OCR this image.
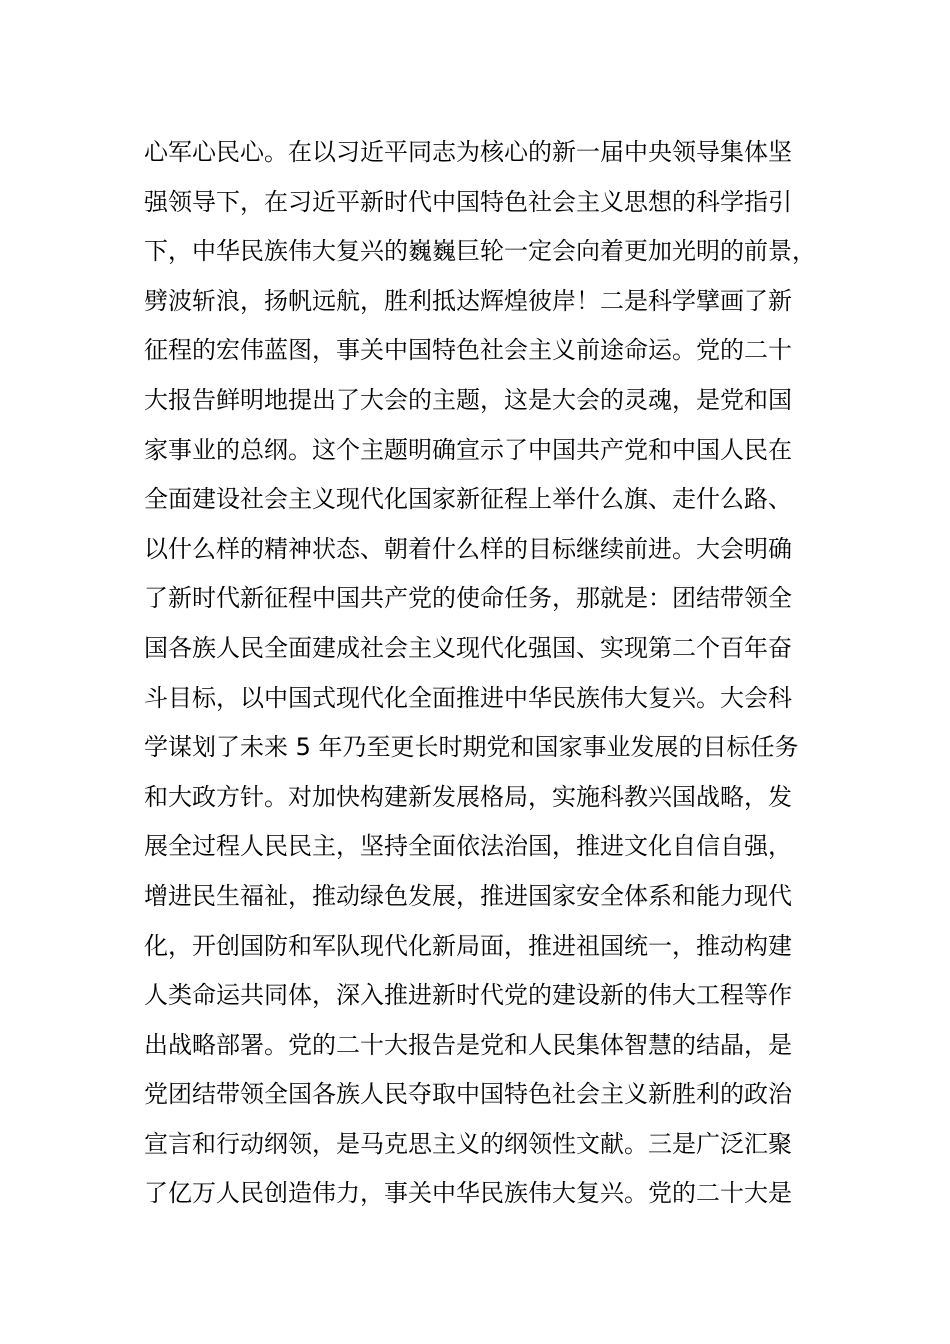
心军心民心。在以习近平同志为核心的新一届中央领导集体坚
强领导下，在习近平新时代中国特色社会主义思想的科学指引
下，中华民族伟大复兴的巍巍巨轮一定会向着更加光明的前景，
劈波斩浪，扬帆远航，胜利抵达辉煌彼岸！二是科学擘画了新
征程的宏伟蓝图，事关中国特色社会主义前途命运。党的二十
大报告鲜明地提出了大会的主题，这是大会的灵魂，是党和国
家事业的总纲。这个主题明确宣示了中国共产党和中国人民在
全面建设社会主义现代化国家新征程上举什么旗、走什么路、
以什么样的精神状态、朝着什么样的目标继续前进。大会明确
了新时代新征程中国共产党的使命任务，那就是：团结带领全
国各族人民全面建成社会主义现代化强国、实现第二个百年奋
斗目标，以中国式现代化全面推进中华民族伟大复兴。大会科
学谋划了未来 5 年乃至更长时期党和国家事业发展的目标任务
和大政方针。对加快构建新发展格局，实施科教兴国战略，发
展全过程人民民主，坚持全面依法治国，推进文化自信自强，
增进民生福祉，推动绿色发展，推进国家安全体系和能力现代
化，开创国防和军队现代化新局面，推进祖国统一，推动构建
人类命运共同体，深入推进新时代党的建设新的伟大工程等作
出战略部署。党的二十大报告是党和人民集体智慧的结晶，是
党团结带领全国各族人民夺取中国特色社会主义新胜利的政治
宣言和行动纲领，是马克思主义的纲领性文献。三是广泛汇聚
了亿万人民创造伟力，事关中华民族伟大复兴。党的二十大是
